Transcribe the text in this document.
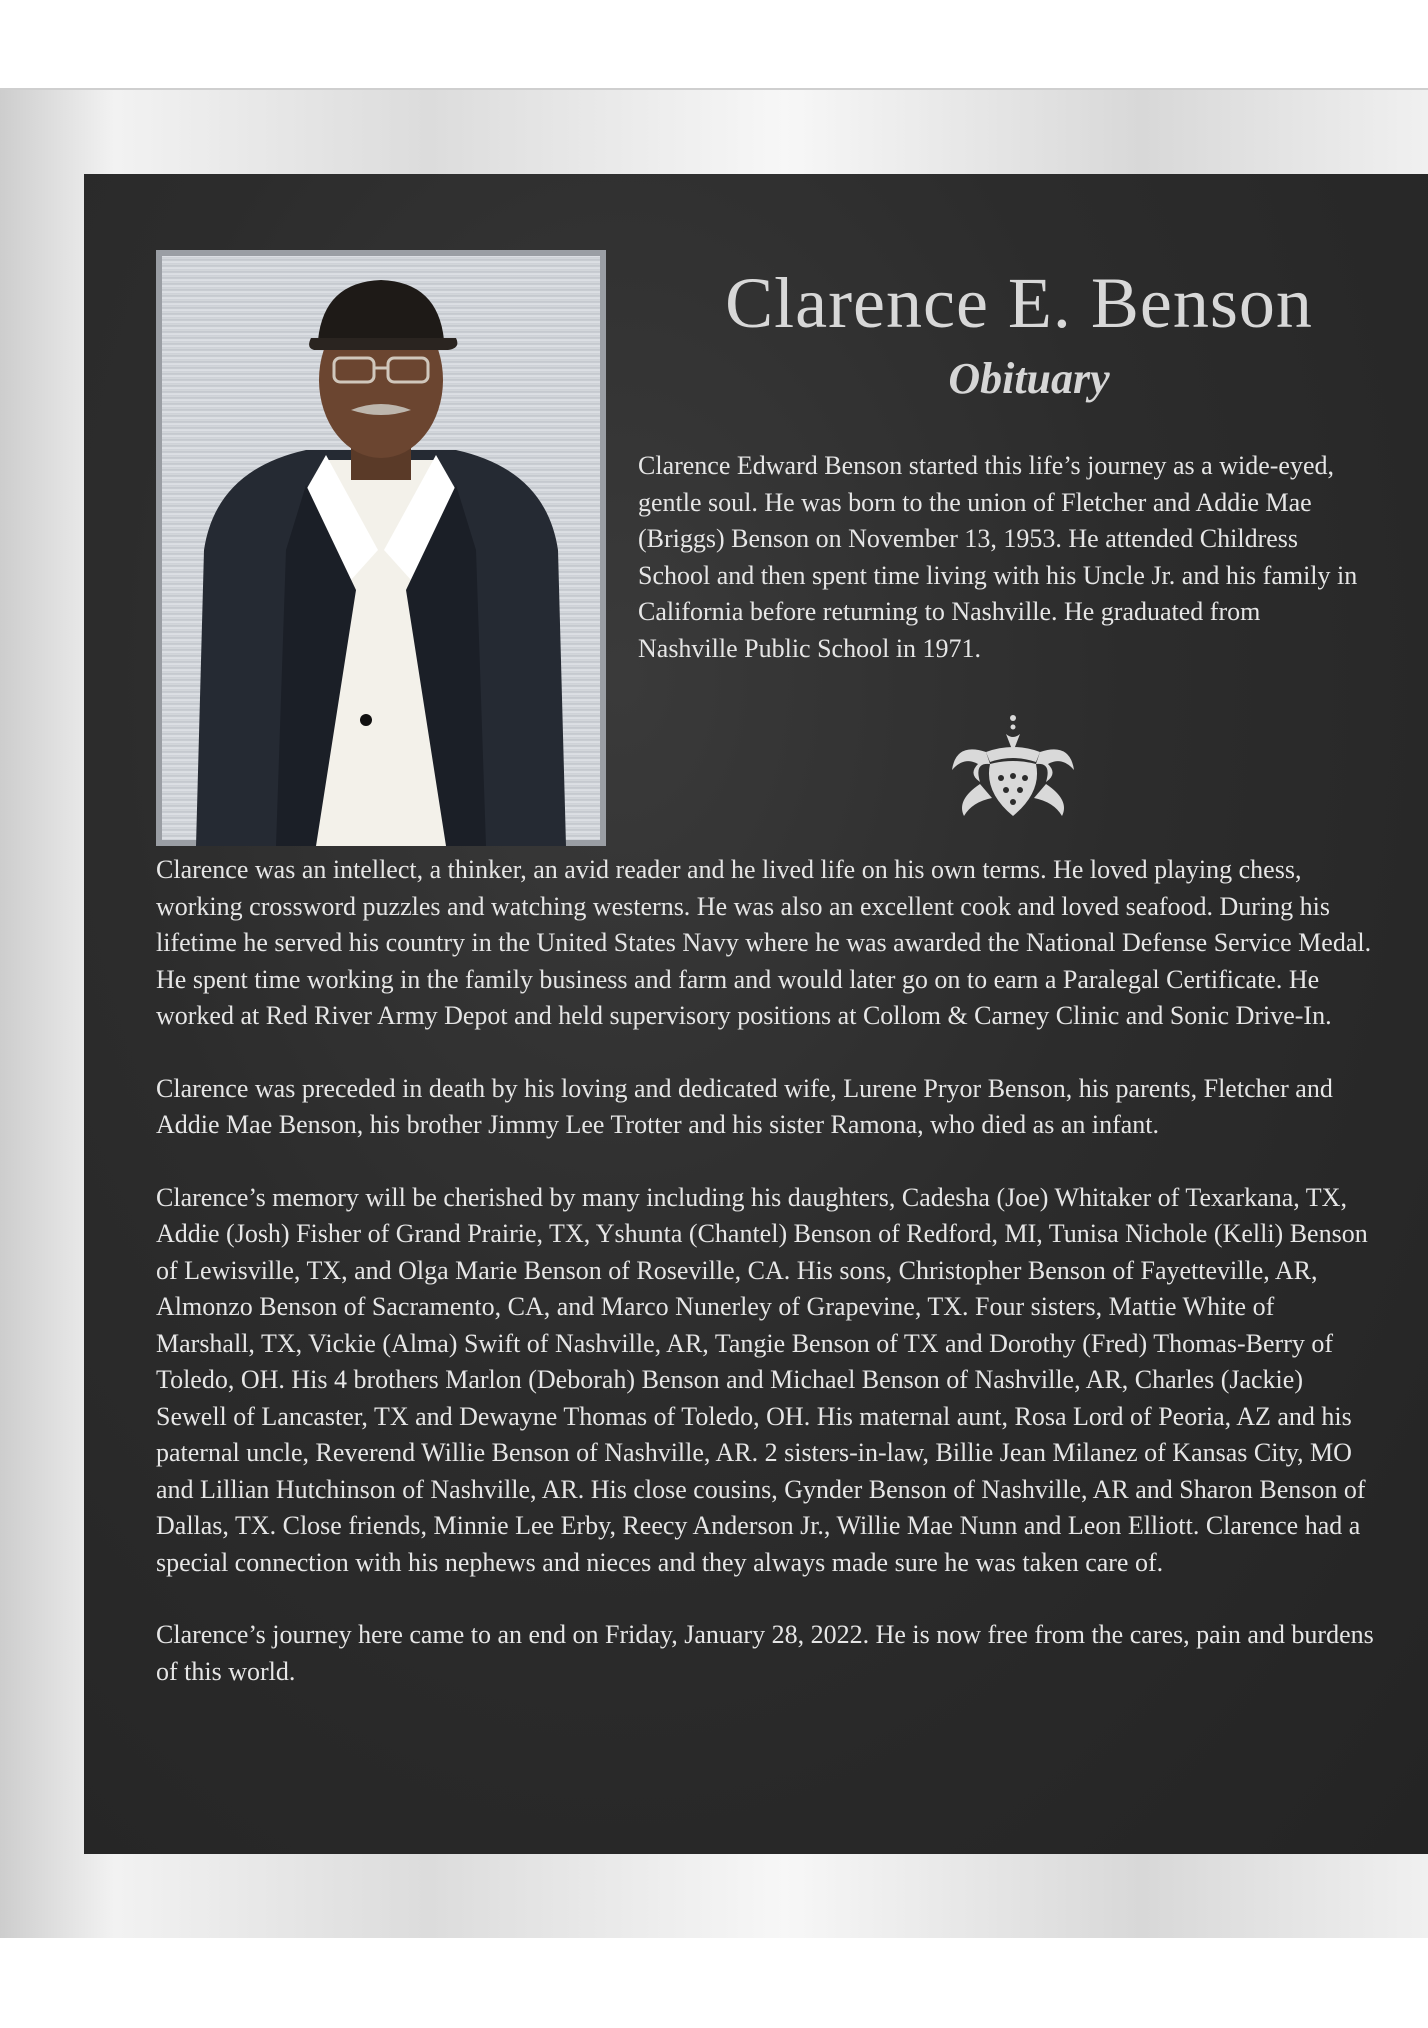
Clarence E. Benson
Obituary

Clarence Edward Benson started this life’s journey as a wide-eyed, gentle soul. He was born to the union of Fletcher and Addie Mae (Briggs) Benson on November 13, 1953. He attended Childress School and then spent time living with his Uncle Jr. and his family in California before returning to Nashville. He graduated from Nashville Public School in 1971.

Clarence was an intellect, a thinker, an avid reader and he lived life on his own terms. He loved playing chess, working crossword puzzles and watching westerns. He was also an excellent cook and loved seafood. During his lifetime he served his country in the United States Navy where he was awarded the National Defense Service Medal. He spent time working in the family business and farm and would later go on to earn a Paralegal Certificate. He worked at Red River Army Depot and held supervisory positions at Collom & Carney Clinic and Sonic Drive-In.

Clarence was preceded in death by his loving and dedicated wife, Lurene Pryor Benson, his parents, Fletcher and Addie Mae Benson, his brother Jimmy Lee Trotter and his sister Ramona, who died as an infant.

Clarence’s memory will be cherished by many including his daughters, Cadesha (Joe) Whitaker of Texarkana, TX, Addie (Josh) Fisher of Grand Prairie, TX, Yshunta (Chantel) Benson of Redford, MI, Tunisa Nichole (Kelli) Benson of Lewisville, TX, and Olga Marie Benson of Roseville, CA. His sons, Christopher Benson of Fayetteville, AR, Almonzo Benson of Sacramento, CA, and Marco Nunerley of Grapevine, TX. Four sisters, Mattie White of Marshall, TX, Vickie (Alma) Swift of Nashville, AR, Tangie Benson of TX and Dorothy (Fred) Thomas-Berry of Toledo, OH. His 4 brothers Marlon (Deborah) Benson and Michael Benson of Nashville, AR, Charles (Jackie) Sewell of Lancaster, TX and Dewayne Thomas of Toledo, OH. His maternal aunt, Rosa Lord of Peoria, AZ and his paternal uncle, Reverend Willie Benson of Nashville, AR. 2 sisters-in-law, Billie Jean Milanez of Kansas City, MO and Lillian Hutchinson of Nashville, AR. His close cousins, Gynder Benson of Nashville, AR and Sharon Benson of Dallas, TX. Close friends, Minnie Lee Erby, Reecy Anderson Jr., Willie Mae Nunn and Leon Elliott. Clarence had a special connection with his nephews and nieces and they always made sure he was taken care of.

Clarence’s journey here came to an end on Friday, January 28, 2022. He is now free from the cares, pain and burdens of this world.
